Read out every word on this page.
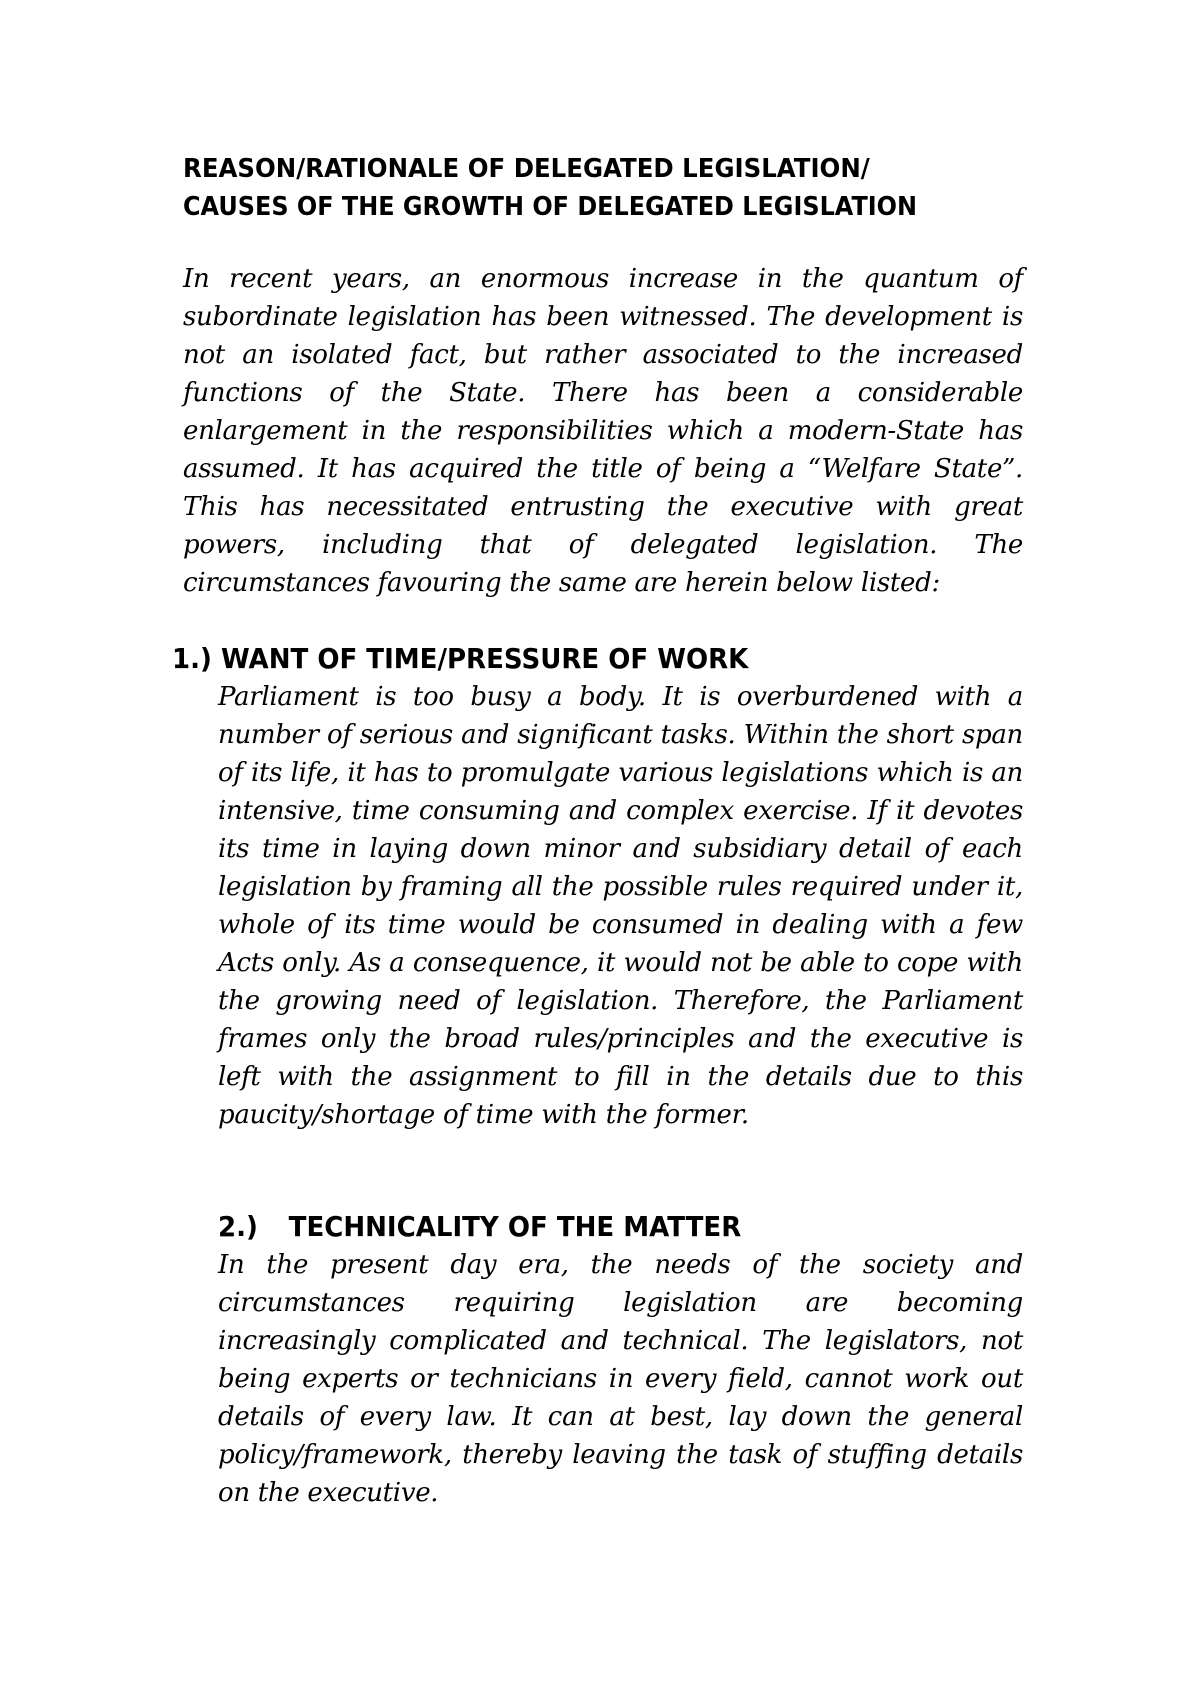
REASON/RATIONALE OF DELEGATED LEGISLATION/
CAUSES OF THE GROWTH OF DELEGATED LEGISLATION

In recent years, an enormous increase in the quantum of subordinate legislation has been witnessed. The development is not an isolated fact, but rather associated to the increased functions of the State. There has been a considerable enlargement in the responsibilities which a modern-State has assumed. It has acquired the title of being a “Welfare State”. This has necessitated entrusting the executive with great powers, including that of delegated legislation. The circumstances favouring the same are herein below listed:

1.) WANT OF TIME/PRESSURE OF WORK

Parliament is too busy a body. It is overburdened with a number of serious and significant tasks. Within the short span of its life, it has to promulgate various legislations which is an intensive, time consuming and complex exercise. If it devotes its time in laying down minor and subsidiary detail of each legislation by framing all the possible rules required under it, whole of its time would be consumed in dealing with a few Acts only. As a consequence, it would not be able to cope with the growing need of legislation. Therefore, the Parliament frames only the broad rules/principles and the executive is left with the assignment to fill in the details due to this paucity/shortage of time with the former.

2.) TECHNICALITY OF THE MATTER

In the present day era, the needs of the society and circumstances requiring legislation are becoming increasingly complicated and technical. The legislators, not being experts or technicians in every field, cannot work out details of every law. It can at best, lay down the general policy/framework, thereby leaving the task of stuffing details on the executive.
